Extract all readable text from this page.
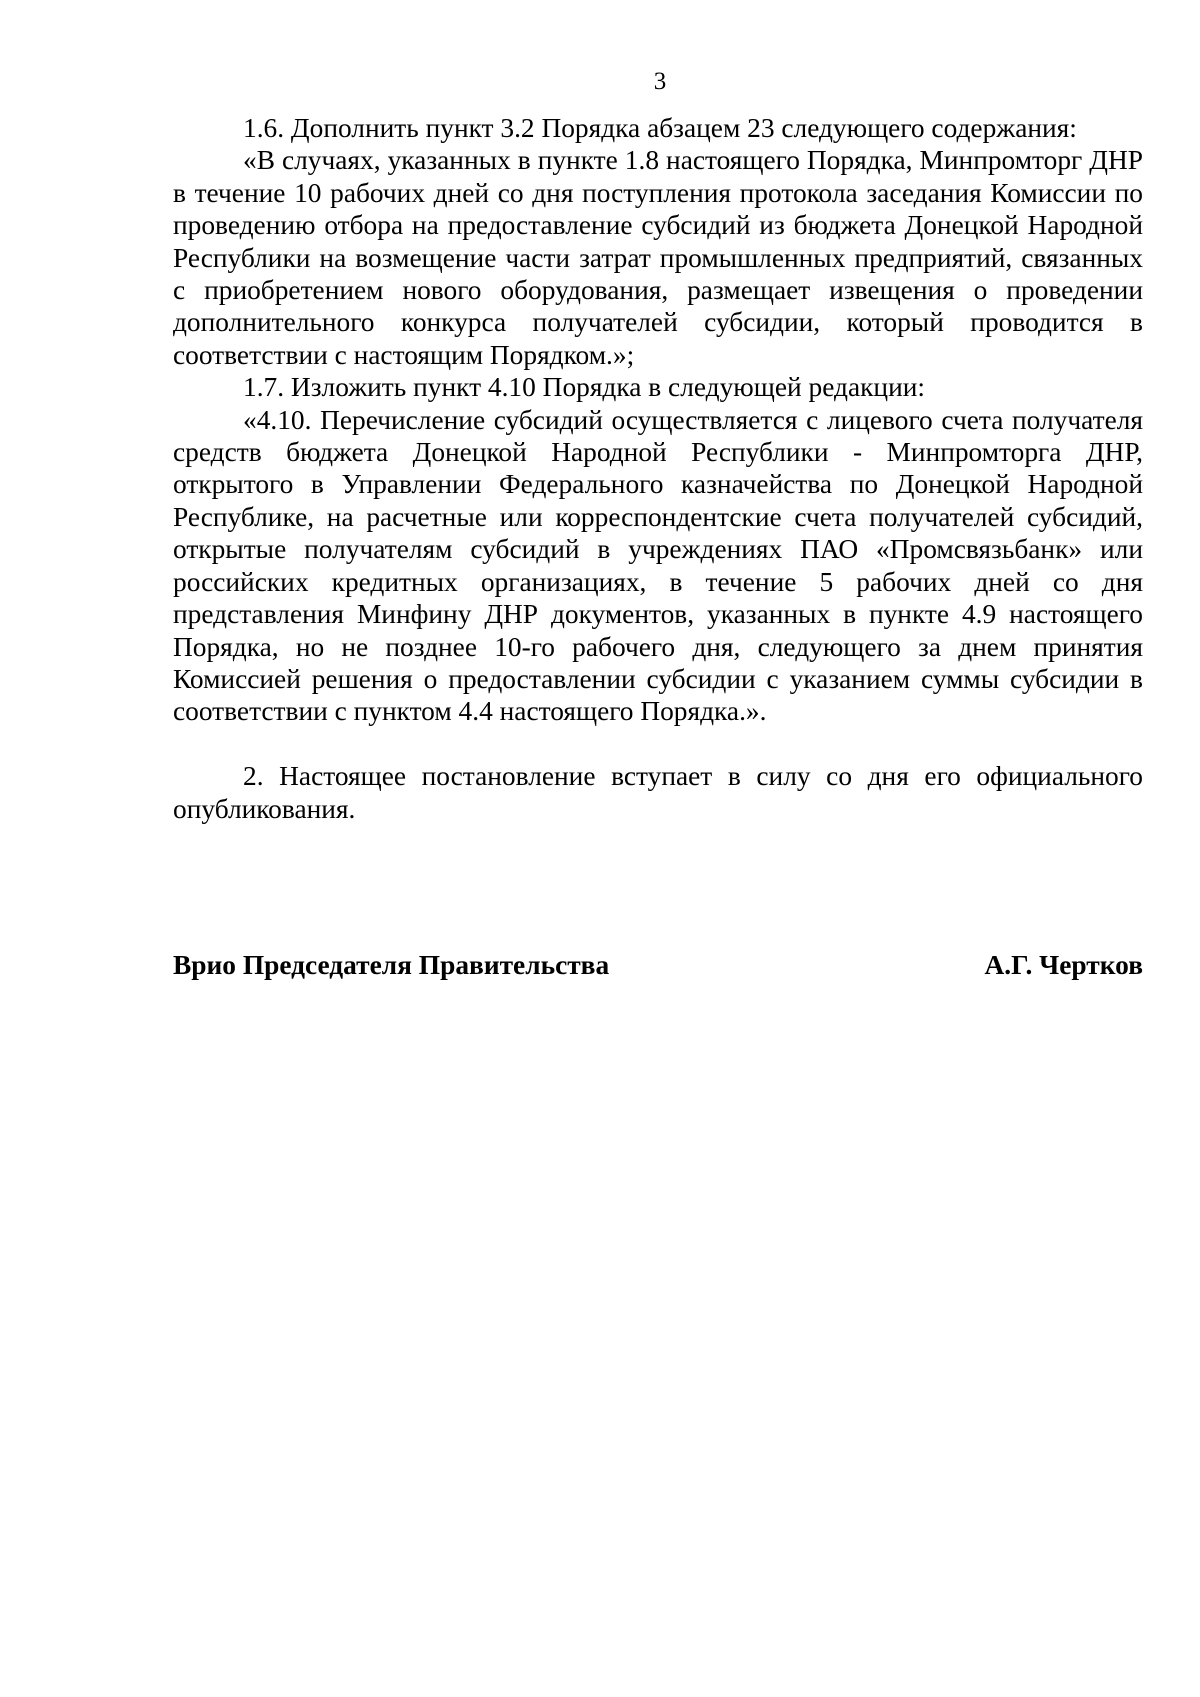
3

1.6. Дополнить пункт 3.2 Порядка абзацем 23 следующего содержания:

«В случаях, указанных в пункте 1.8 настоящего Порядка, Минпромторг ДНР в течение 10 рабочих дней со дня поступления протокола заседания Комиссии по проведению отбора на предоставление субсидий из бюджета Донецкой Народной Республики на возмещение части затрат промышленных предприятий, связанных с приобретением нового оборудования, размещает извещения о проведении дополнительного конкурса получателей субсидии, который проводится в соответствии с настоящим Порядком.»;

1.7. Изложить пункт 4.10 Порядка в следующей редакции:

«4.10. Перечисление субсидий осуществляется с лицевого счета получателя средств бюджета Донецкой Народной Республики - Минпромторга ДНР, открытого в Управлении Федерального казначейства по Донецкой Народной Республике, на расчетные или корреспондентские счета получателей субсидий, открытые получателям субсидий в учреждениях ПАО «Промсвязьбанк» или российских кредитных организациях, в течение 5 рабочих дней со дня представления Минфину ДНР документов, указанных в пункте 4.9 настоящего Порядка, но не позднее 10-го рабочего дня, следующего за днем принятия Комиссией решения о предоставлении субсидии с указанием суммы субсидии в соответствии с пунктом 4.4 настоящего Порядка.».

2. Настоящее постановление вступает в силу со дня его официального опубликования.

Врио Председателя Правительства	А.Г. Чертков
